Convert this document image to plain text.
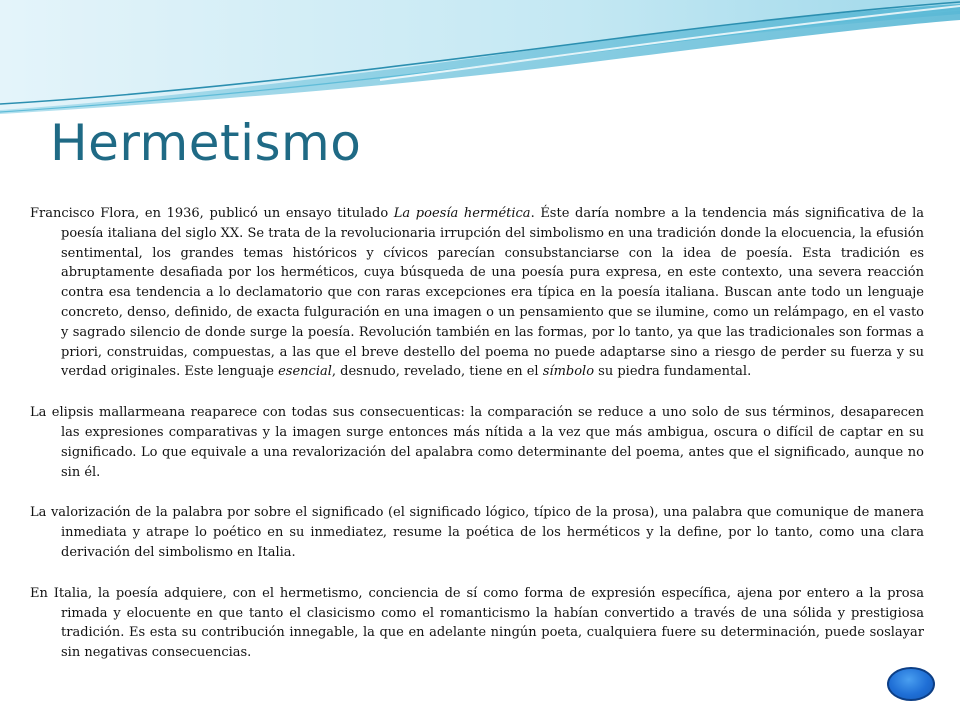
Hermetismo

Francisco Flora, en 1936, publicó un ensayo titulado La poesía hermética. Éste daría nombre a la tendencia más significativa de la poesía italiana del siglo XX. Se trata de la revolucionaria irrupción del simbolismo en una tradición donde la elocuencia, la efusión sentimental, los grandes temas históricos y cívicos parecían consubstanciarse con la idea de poesía. Esta tradición es abruptamente desafiada por los herméticos, cuya búsqueda de una poesía pura expresa, en este contexto, una severa reacción contra esa tendencia a lo declamatorio que con raras excepciones era típica en la poesía italiana. Buscan ante todo un lenguaje concreto, denso, definido, de exacta fulguración en una imagen o un pensamiento que se ilumine, como un relámpago, en el vasto y sagrado silencio de donde surge la poesía. Revolución también en las formas, por lo tanto, ya que las tradicionales son formas a priori, construidas, compuestas, a las que el breve destello del poema no puede adaptarse sino a riesgo de perder su fuerza y su verdad originales. Este lenguaje esencial, desnudo, revelado, tiene en el símbolo su piedra fundamental.

La elipsis mallarmeana reaparece con todas sus consecuenticas: la comparación se reduce a uno solo de sus términos, desaparecen las expresiones comparativas y la imagen surge entonces más nítida a la vez que más ambigua, oscura o difícil de captar en su significado. Lo que equivale a una revalorización del apalabra como determinante del poema, antes que el significado, aunque no sin él.

La valorización de la palabra por sobre el significado (el significado lógico, típico de la prosa), una palabra que comunique de manera inmediata y atrape lo poético en su inmediatez, resume la poética de los herméticos y la define, por lo tanto, como una clara derivación del simbolismo en Italia.

En Italia, la poesía adquiere, con el hermetismo, conciencia de sí como forma de expresión específica, ajena por entero a la prosa rimada y elocuente en que tanto el clasicismo como el romanticismo la habían convertido a través de una sólida y prestigiosa tradición. Es esta su contribución innegable, la que en adelante ningún poeta, cualquiera fuere su determinación, puede soslayar sin negativas consecuencias.
